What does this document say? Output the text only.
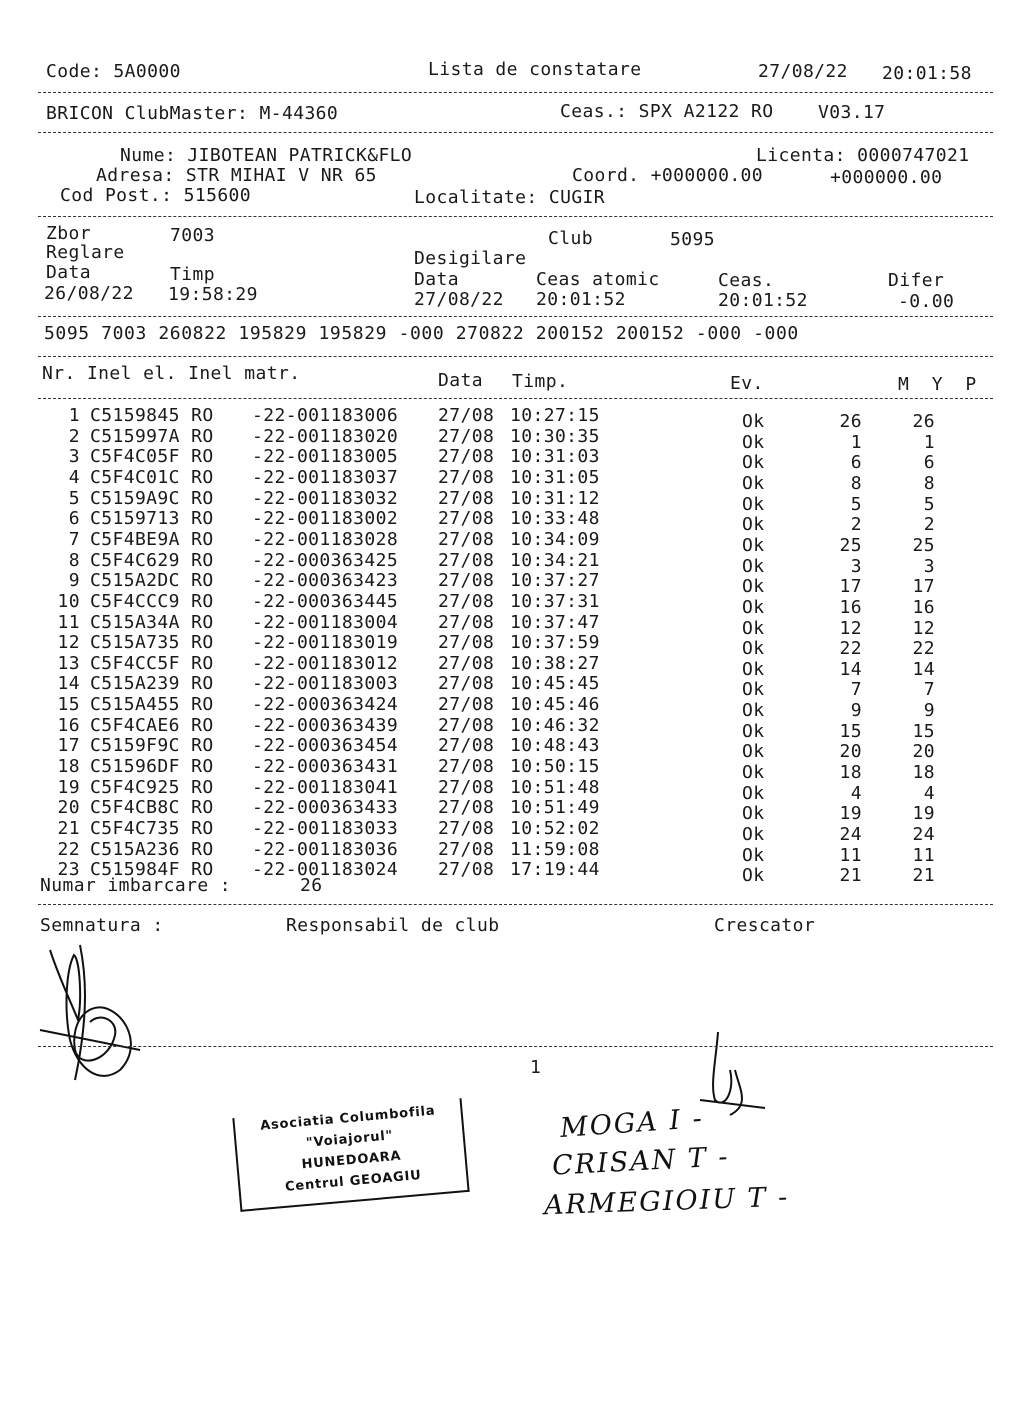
Code: 5A0000	Lista de constatare	27/08/22 20:01:58
BRICON ClubMaster: M-44360	Ceas.: SPX A2122 RO V03.17
Nume: JIBOTEAN PATRICK&FLO	Licenta: 0000747021
Adresa: STR MIHAI V NR 65	Coord. +000000.00	+000000.00
Cod Post.: 515600	Localitate: CUGIR
Zbor	7003	Club	5095
Reglare	Desigilare
Data	Timp	Data	Ceas atomic	Ceas.	Difer
26/08/22 19:58:29	27/08/22 20:01:52	20:01:52	-0.00
5095 7003 260822 195829 195829 -000 270822 200152 200152 -000 -000
Nr. Inel el. Inel matr.	Data Timp.	Ev.	M  Y  P
1 C5159845 RO	-22-001183006	27/08 10:27:15	Ok	26	26
2 C515997A RO	-22-001183020	27/08 10:30:35	Ok	1	1
3 C5F4C05F RO	-22-001183005	27/08 10:31:03	Ok	6	6
4 C5F4C01C RO	-22-001183037	27/08 10:31:05	Ok	8	8
5 C5159A9C RO	-22-001183032	27/08 10:31:12	Ok	5	5
6 C5159713 RO	-22-001183002	27/08 10:33:48	Ok	2	2
7 C5F4BE9A RO	-22-001183028	27/08 10:34:09	Ok	25	25
8 C5F4C629 RO	-22-000363425	27/08 10:34:21	Ok	3	3
9 C515A2DC RO	-22-000363423	27/08 10:37:27	Ok	17	17
10 C5F4CCC9 RO	-22-000363445	27/08 10:37:31	Ok	16	16
11 C515A34A RO	-22-001183004	27/08 10:37:47	Ok	12	12
12 C515A735 RO	-22-001183019	27/08 10:37:59	Ok	22	22
13 C5F4CC5F RO	-22-001183012	27/08 10:38:27	Ok	14	14
14 C515A239 RO	-22-001183003	27/08 10:45:45	Ok	7	7
15 C515A455 RO	-22-000363424	27/08 10:45:46	Ok	9	9
16 C5F4CAE6 RO	-22-000363439	27/08 10:46:32	Ok	15	15
17 C5159F9C RO	-22-000363454	27/08 10:48:43	Ok	20	20
18 C51596DF RO	-22-000363431	27/08 10:50:15	Ok	18	18
19 C5F4C925 RO	-22-001183041	27/08 10:51:48	Ok	4	4
20 C5F4CB8C RO	-22-000363433	27/08 10:51:49	Ok	19	19
21 C5F4C735 RO	-22-001183033	27/08 10:52:02	Ok	24	24
22 C515A236 RO	-22-001183036	27/08 11:59:08	Ok	11	11
23 C515984F RO	-22-001183024	27/08 17:19:44	Ok	21	21
Numar imbarcare :	26
Semnatura :	Responsabil de club	Crescator
1
Asociatia Columbofila
"Voiajorul"
HUNEDOARA
Centrul GEOAGIU
MOGA I -
CRISAN T -
ARMEGIOIU T -
